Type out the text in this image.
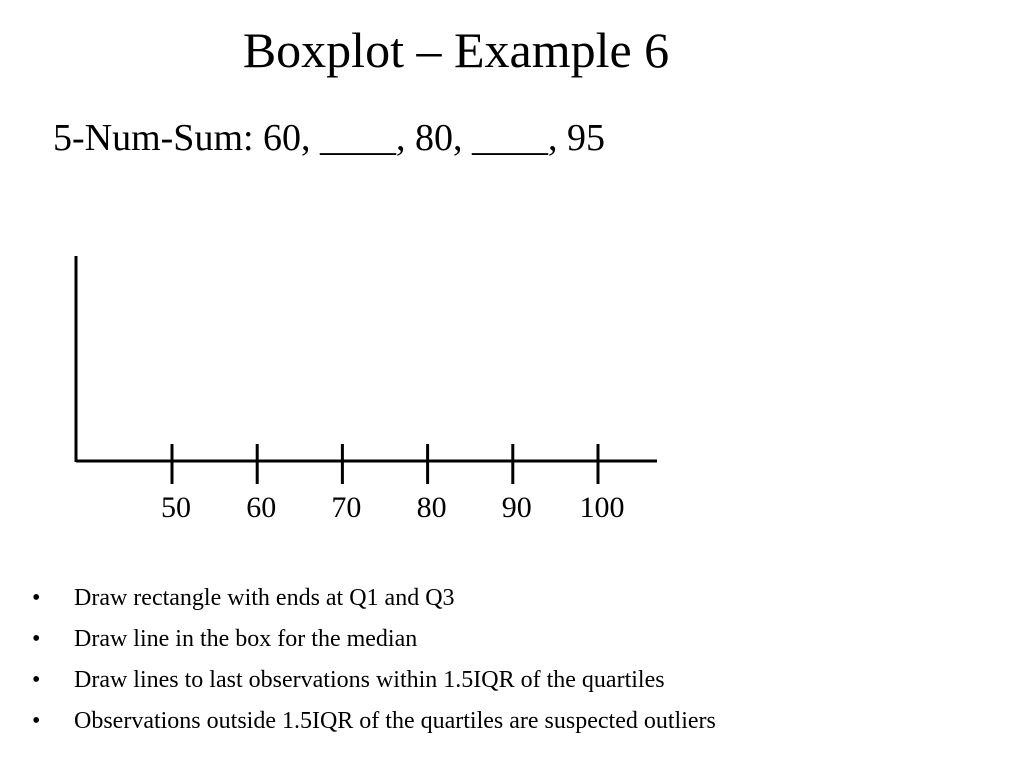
Boxplot – Example 6
5-Num-Sum: 60, ____, 80, ____, 95
50 60 70 80 90 100
• Draw rectangle with ends at Q1 and Q3
• Draw line in the box for the median
• Draw lines to last observations within 1.5IQR of the quartiles
• Observations outside 1.5IQR of the quartiles are suspected outliers
